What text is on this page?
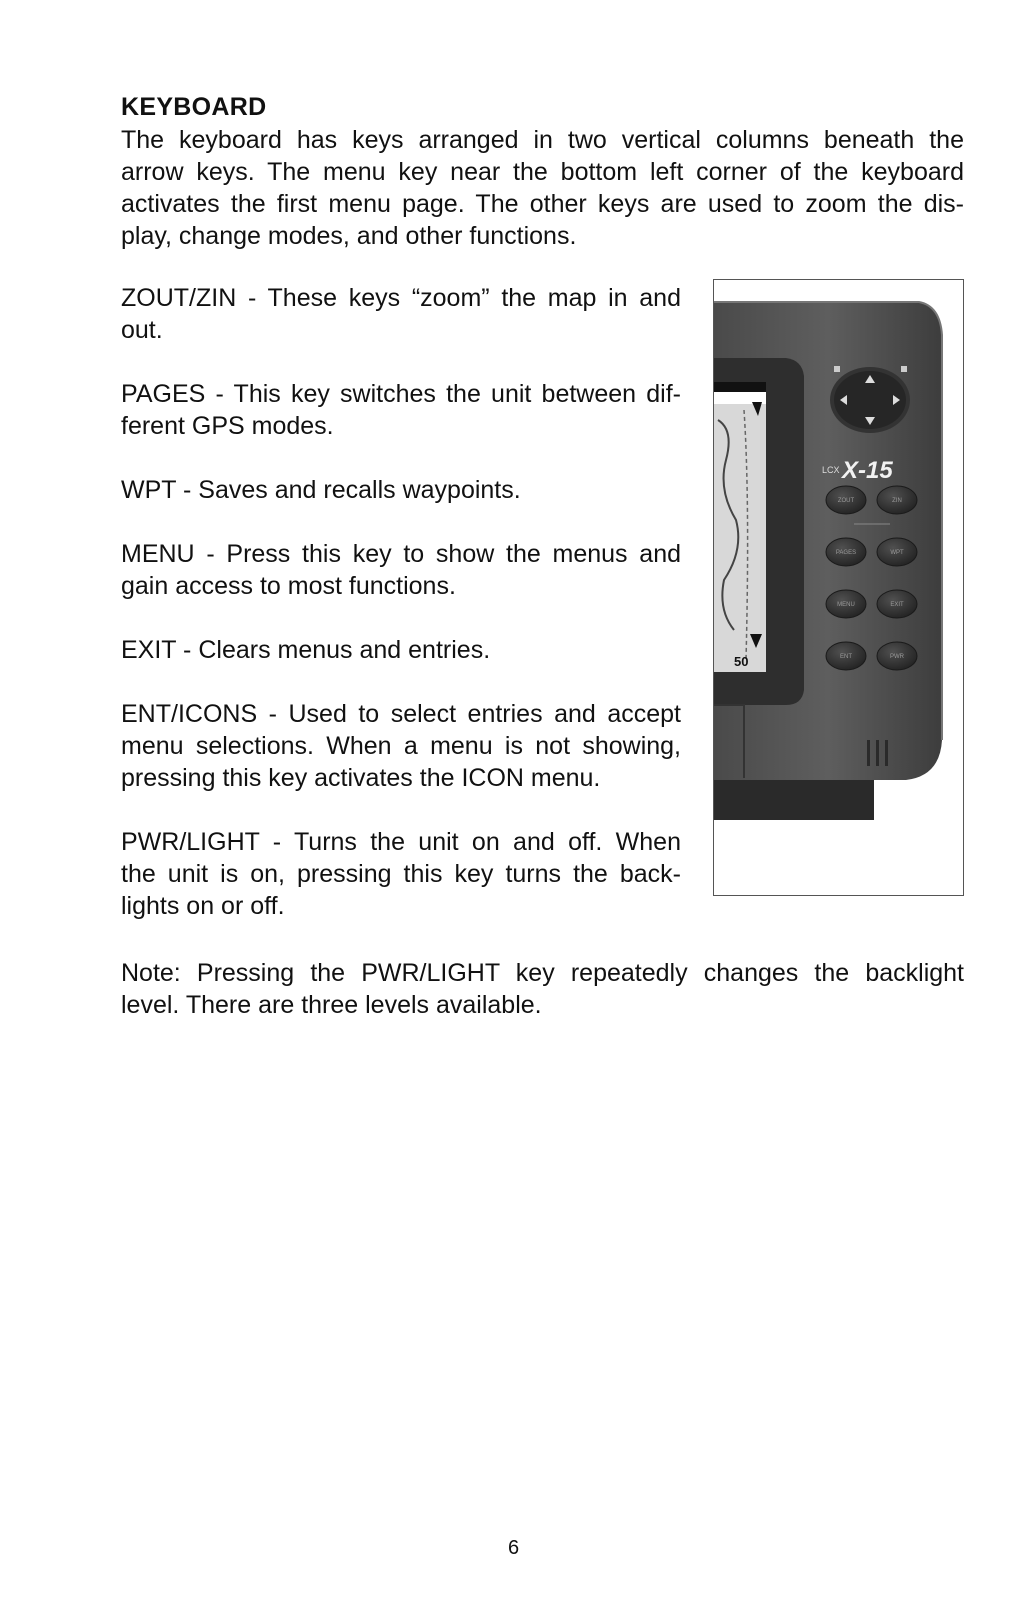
KEYBOARD

The keyboard has keys arranged in two vertical columns beneath the
arrow keys. The menu key near the bottom left corner of the keyboard
activates the first menu page. The other keys are used to zoom the dis-
play, change modes, and other functions.

ZOUT/ZIN - These keys “zoom” the map in and
out.

PAGES - This key switches the unit between dif-
ferent GPS modes.

WPT - Saves and recalls waypoints.

MENU - Press this key to show the menus and
gain access to most functions.

EXIT - Clears menus and entries.

ENT/ICONS - Used to select entries and accept
menu selections. When a menu is not showing,
pressing this key activates the ICON menu.

PWR/LIGHT - Turns the unit on and off. When
the unit is on, pressing this key turns the back-
lights on or off.

Note: Pressing the PWR/LIGHT key repeatedly changes the backlight
level. There are three levels available.

50
LCX X-15
ZOUT	ZIN
PAGES	WPT
MENU	EXIT
ENT	PWR
6
